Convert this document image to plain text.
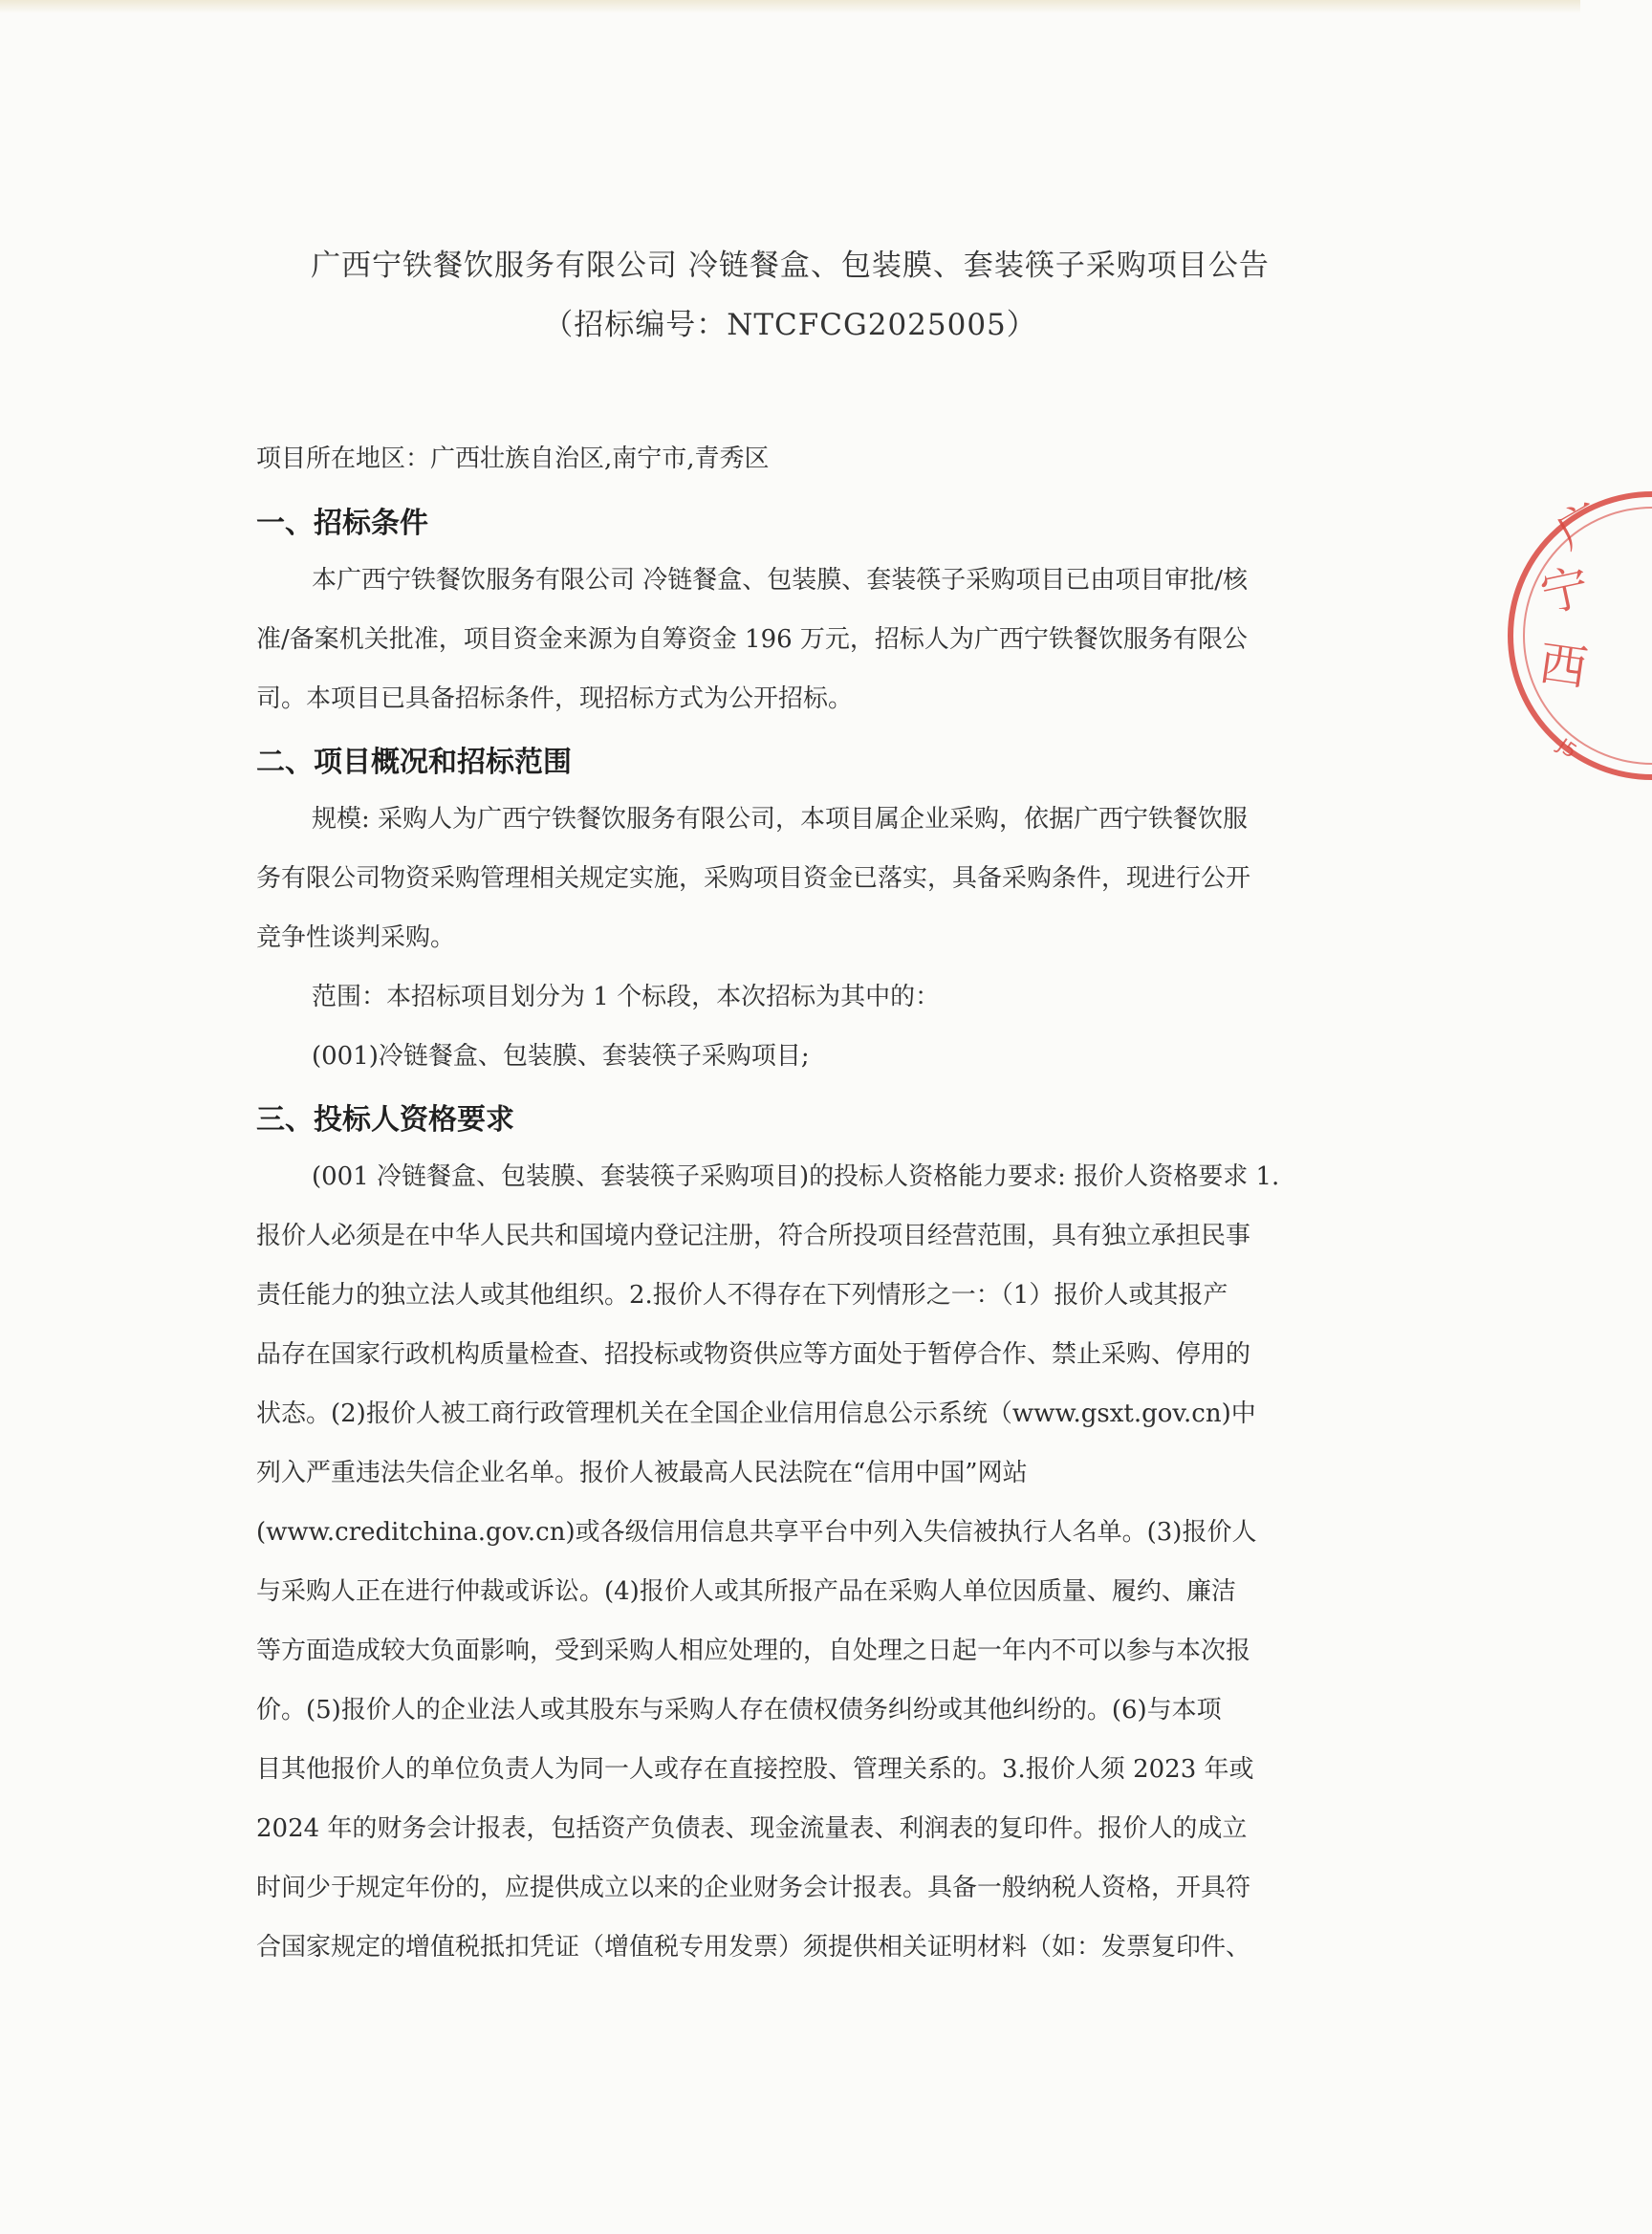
广西宁铁餐饮服务有限公司 冷链餐盒、包装膜、套装筷子采购项目公告
（招标编号：NTCFCG2025005）
项目所在地区：广西壮族自治区,南宁市,青秀区
一、招标条件
本广西宁铁餐饮服务有限公司 冷链餐盒、包装膜、套装筷子采购项目已由项目审批/核
准/备案机关批准，项目资金来源为自筹资金 196 万元，招标人为广西宁铁餐饮服务有限公
司。本项目已具备招标条件，现招标方式为公开招标。
二、项目概况和招标范围
规模: 采购人为广西宁铁餐饮服务有限公司，本项目属企业采购，依据广西宁铁餐饮服
务有限公司物资采购管理相关规定实施，采购项目资金已落实，具备采购条件，现进行公开
竞争性谈判采购。
范围：本招标项目划分为 1 个标段，本次招标为其中的：
(001)冷链餐盒、包装膜、套装筷子采购项目;
三、投标人资格要求
(001 冷链餐盒、包装膜、套装筷子采购项目)的投标人资格能力要求: 报价人资格要求 1.
报价人必须是在中华人民共和国境内登记注册，符合所投项目经营范围，具有独立承担民事
责任能力的独立法人或其他组织。2.报价人不得存在下列情形之一：（1）报价人或其报产
品存在国家行政机构质量检查、招投标或物资供应等方面处于暂停合作、禁止采购、停用的
状态。(2)报价人被工商行政管理机关在全国企业信用信息公示系统（www.gsxt.gov.cn)中
列入严重违法失信企业名单。报价人被最高人民法院在“信用中国”网站
(www.creditchina.gov.cn)或各级信用信息共享平台中列入失信被执行人名单。(3)报价人
与采购人正在进行仲裁或诉讼。(4)报价人或其所报产品在采购人单位因质量、履约、廉洁
等方面造成较大负面影响，受到采购人相应处理的，自处理之日起一年内不可以参与本次报
价。(5)报价人的企业法人或其股东与采购人存在债权债务纠纷或其他纠纷的。(6)与本项
目其他报价人的单位负责人为同一人或存在直接控股、管理关系的。3.报价人须 2023 年或
2024 年的财务会计报表，包括资产负债表、现金流量表、利润表的复印件。报价人的成立
时间少于规定年份的，应提供成立以来的企业财务会计报表。具备一般纳税人资格，开具符
合国家规定的增值税抵扣凭证（增值税专用发票）须提供相关证明材料（如：发票复印件、
广
宁
西
J5
